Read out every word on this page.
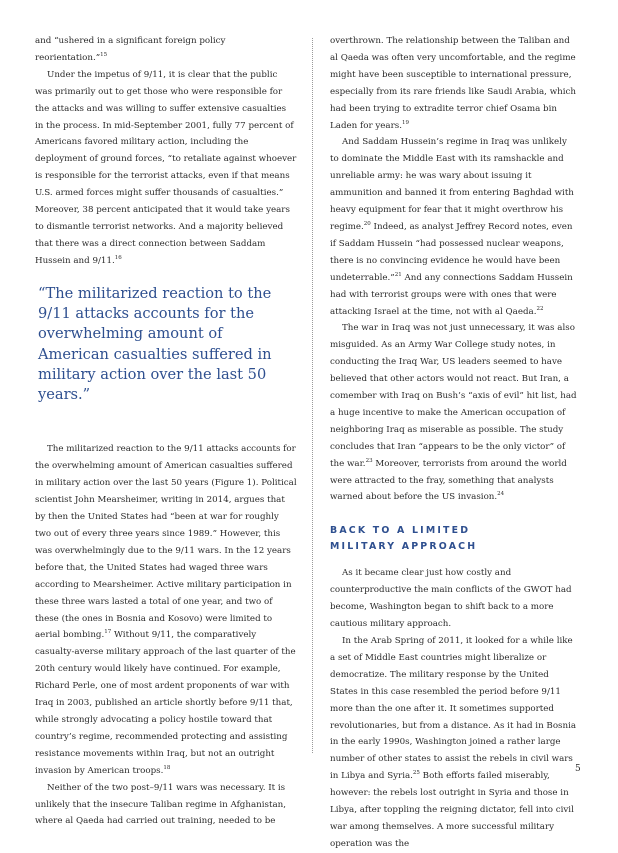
and “ushered in a significant foreign policy reorientation.”$^{15}$

Under the impetus of 9/11, it is clear that the public was primarily out to get those who were responsible for the attacks and was willing to suffer extensive casualties in the process. In mid-September 2001, fully 77 percent of Americans favored military action, including the deployment of ground forces, “to retaliate against whoever is responsible for the terrorist attacks, even if that means U.S. armed forces might suffer thousands of casualties.” Moreover, 38 percent anticipated that it would take years to dismantle terrorist networks. And a majority believed that there was a direct connection between Saddam Hussein and 9/11.16

“The militarized reaction to the 9/11 attacks accounts for the overwhelming amount of American casualties suffered in military action over the last 50 years.”

The militarized reaction to the 9/11 attacks accounts for the overwhelming amount of American casualties suffered in military action over the last 50 years (Figure 1). Political scientist John Mearsheimer, writing in 2014, argues that by then the United States had “been at war for roughly two out of every three years since 1989.” However, this was overwhelmingly due to the 9/11 wars. In the 12 years before that, the United States had waged three wars according to Mearsheimer. Active military participation in these three wars lasted a total of one year, and two of these (the ones in Bosnia and Kosovo) were limited to aerial bombing.$^{17}$ Without 9/11, the comparatively casualty-averse military approach of the last quarter of the 20th century would likely have continued. For example, Richard Perle, one of most ardent proponents of war with Iraq in 2003, published an article shortly before 9/11 that, while strongly advocating a policy hostile toward that country’s regime, recommended protecting and assisting resistance movements within Iraq, but not an outright invasion by American troops.$^{18}$

Neither of the two post–9/11 wars was necessary. It is unlikely that the insecure Taliban regime in Afghanistan, where al Qaeda had carried out training, needed to be

overthrown. The relationship between the Taliban and al Qaeda was often very uncomfortable, and the regime might have been susceptible to international pressure, especially from its rare friends like Saudi Arabia, which had been trying to extradite terror chief Osama bin Laden for years.$^{19}$

And Saddam Hussein’s regime in Iraq was unlikely to dominate the Middle East with its ramshackle and unreliable army: he was wary about issuing it ammunition and banned it from entering Baghdad with heavy equipment for fear that it might overthrow his regime.$^{20}$ Indeed, as analyst Jeffrey Record notes, even if Saddam Hussein “had possessed nuclear weapons, there is no convincing evidence he would have been undeterrable.”$^{21}$ And any connections Saddam Hussein had with terrorist groups were with ones that were attacking Israel at the time, not with al Qaeda.$^{22}$

The war in Iraq was not just unnecessary, it was also misguided. As an Army War College study notes, in conducting the Iraq War, US leaders seemed to have believed that other actors would not react. But Iran, a comember with Iraq on Bush’s “axis of evil” hit list, had a huge incentive to make the American occupation of neighboring Iraq as miserable as possible. The study concludes that Iran “appears to be the only victor” of the war.$^{23}$ Moreover, terrorists from around the world were attracted to the fray, something that analysts warned about before the US invasion.$^{24}$

BACK TO A LIMITED
MILITARY APPROACH

As it became clear just how costly and counterproductive the main conflicts of the GWOT had become, Washington began to shift back to a more cautious military approach.

In the Arab Spring of 2011, it looked for a while like a set of Middle East countries might liberalize or democratize. The military response by the United States in this case resembled the period before 9/11 more than the one after it. It sometimes supported revolutionaries, but from a distance. As it had in Bosnia in the early 1990s, Washington joined a rather large number of other states to assist the rebels in civil wars in Libya and Syria.$^{25}$ Both efforts failed miserably, however: the rebels lost outright in Syria and those in Libya, after toppling the reigning dictator, fell into civil war among themselves. A more successful military operation was the

5
